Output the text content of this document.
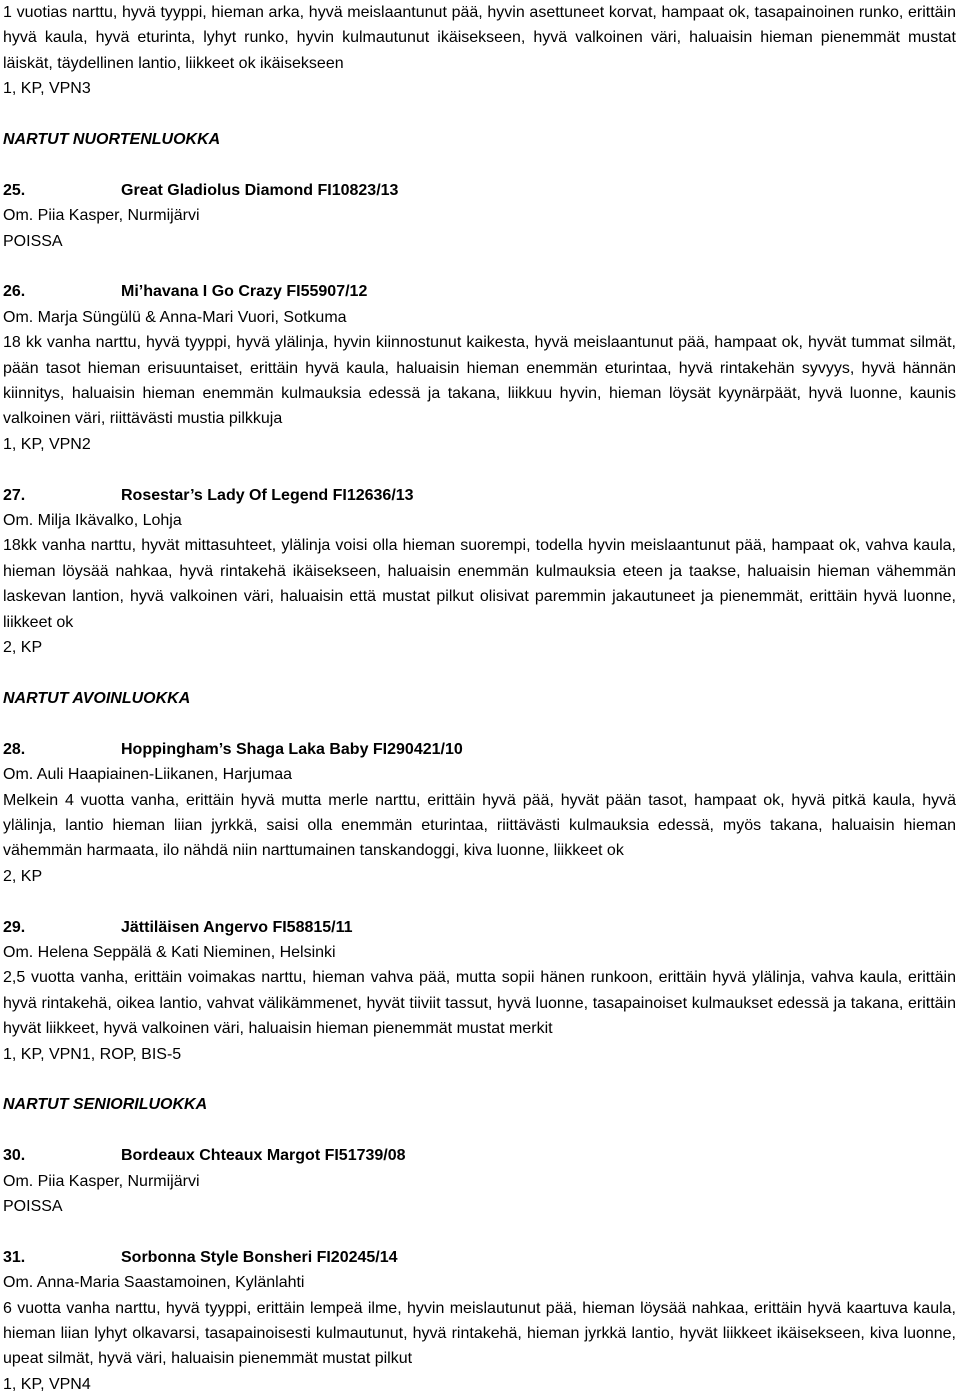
1 vuotias narttu, hyvä tyyppi, hieman arka, hyvä meislaantunut pää, hyvin asettuneet korvat, hampaat ok, tasapainoinen runko, erittäin hyvä kaula, hyvä eturinta, lyhyt runko, hyvin kulmautunut ikäisekseen, hyvä valkoinen väri, haluaisin hieman pienemmät mustat läiskät, täydellinen lantio, liikkeet ok ikäisekseen

1, KP, VPN3

NARTUT NUORTENLUOKKA

25.	Great Gladiolus Diamond FI10823/13

Om. Piia Kasper, Nurmijärvi

POISSA

26.	Mi’havana I Go Crazy FI55907/12

Om. Marja Süngülü & Anna-Mari Vuori, Sotkuma

18 kk vanha narttu, hyvä tyyppi, hyvä ylälinja, hyvin kiinnostunut kaikesta, hyvä meislaantunut pää, hampaat ok, hyvät tummat silmät, pään tasot hieman erisuuntaiset, erittäin hyvä kaula, haluaisin hieman enemmän eturintaa, hyvä rintakehän syvyys, hyvä hännän kiinnitys, haluaisin hieman enemmän kulmauksia edessä ja takana, liikkuu hyvin, hieman löysät kyynärpäät, hyvä luonne, kaunis valkoinen väri, riittävästi mustia pilkkuja

1, KP, VPN2

27.	Rosestar’s Lady Of Legend FI12636/13

Om. Milja Ikävalko, Lohja

18kk vanha narttu, hyvät mittasuhteet, ylälinja voisi olla hieman suorempi, todella hyvin meislaantunut pää, hampaat ok, vahva kaula, hieman löysää nahkaa, hyvä rintakehä ikäisekseen, haluaisin enemmän kulmauksia eteen ja taakse, haluaisin hieman vähemmän laskevan lantion, hyvä valkoinen väri, haluaisin että mustat pilkut olisivat paremmin jakautuneet ja pienemmät, erittäin hyvä luonne, liikkeet ok

2, KP

NARTUT AVOINLUOKKA

28.	Hoppingham’s Shaga Laka Baby FI290421/10

Om. Auli Haapiainen-Liikanen, Harjumaa

Melkein 4 vuotta vanha, erittäin hyvä mutta merle narttu, erittäin hyvä pää, hyvät pään tasot, hampaat ok, hyvä pitkä kaula, hyvä ylälinja, lantio hieman liian jyrkkä, saisi olla enemmän eturintaa, riittävästi kulmauksia edessä, myös takana, haluaisin hieman vähemmän harmaata, ilo nähdä niin narttumainen tanskandoggi, kiva luonne, liikkeet ok

2, KP

29.	Jättiläisen Angervo FI58815/11

Om. Helena Seppälä & Kati Nieminen, Helsinki

2,5 vuotta vanha, erittäin voimakas narttu, hieman vahva pää, mutta sopii hänen runkoon, erittäin hyvä ylälinja, vahva kaula, erittäin hyvä rintakehä, oikea lantio, vahvat välikämmenet, hyvät tiiviit tassut, hyvä luonne, tasapainoiset kulmaukset edessä ja takana, erittäin hyvät liikkeet, hyvä valkoinen väri, haluaisin hieman pienemmät mustat merkit

1, KP, VPN1, ROP, BIS-5

NARTUT SENIORILUOKKA

30.	Bordeaux Chteaux Margot FI51739/08

Om. Piia Kasper, Nurmijärvi

POISSA

31.	Sorbonna Style Bonsheri FI20245/14

Om. Anna-Maria Saastamoinen, Kylänlahti

6 vuotta vanha narttu, hyvä tyyppi, erittäin lempeä ilme, hyvin meislautunut pää, hieman löysää nahkaa, erittäin hyvä kaartuva kaula, hieman liian lyhyt olkavarsi, tasapainoisesti kulmautunut, hyvä rintakehä, hieman jyrkkä lantio, hyvät liikkeet ikäisekseen, kiva luonne, upeat silmät, hyvä väri, haluaisin pienemmät mustat pilkut

1, KP, VPN4
